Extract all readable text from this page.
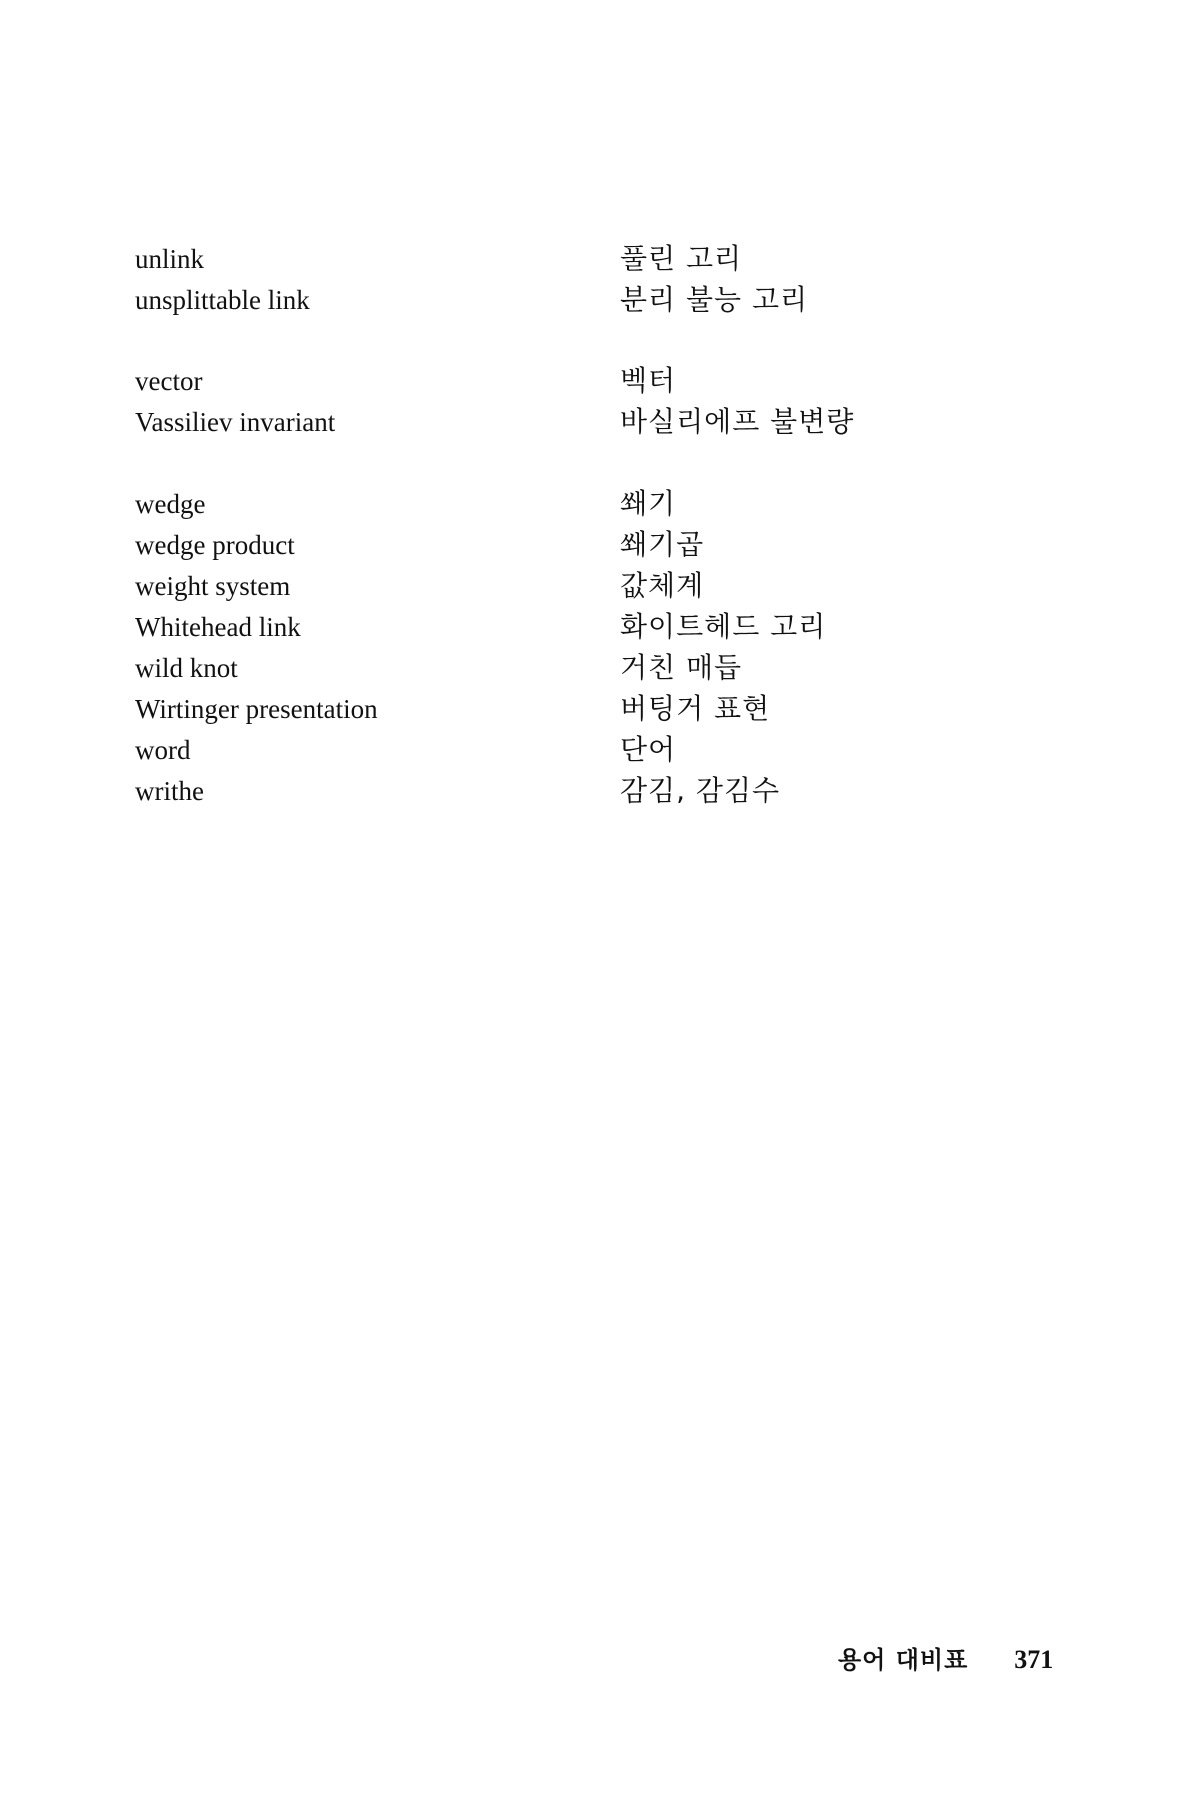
unlink	풀린 고리
unsplittable link	분리 불능 고리
vector	벡터
Vassiliev invariant	바실리에프 불변량
wedge	쐐기
wedge product	쐐기곱
weight system	값체계
Whitehead link	화이트헤드 고리
wild knot	거친 매듭
Wirtinger presentation	버팅거 표현
word	단어
writhe	감김, 감김수
용어 대비표 371
